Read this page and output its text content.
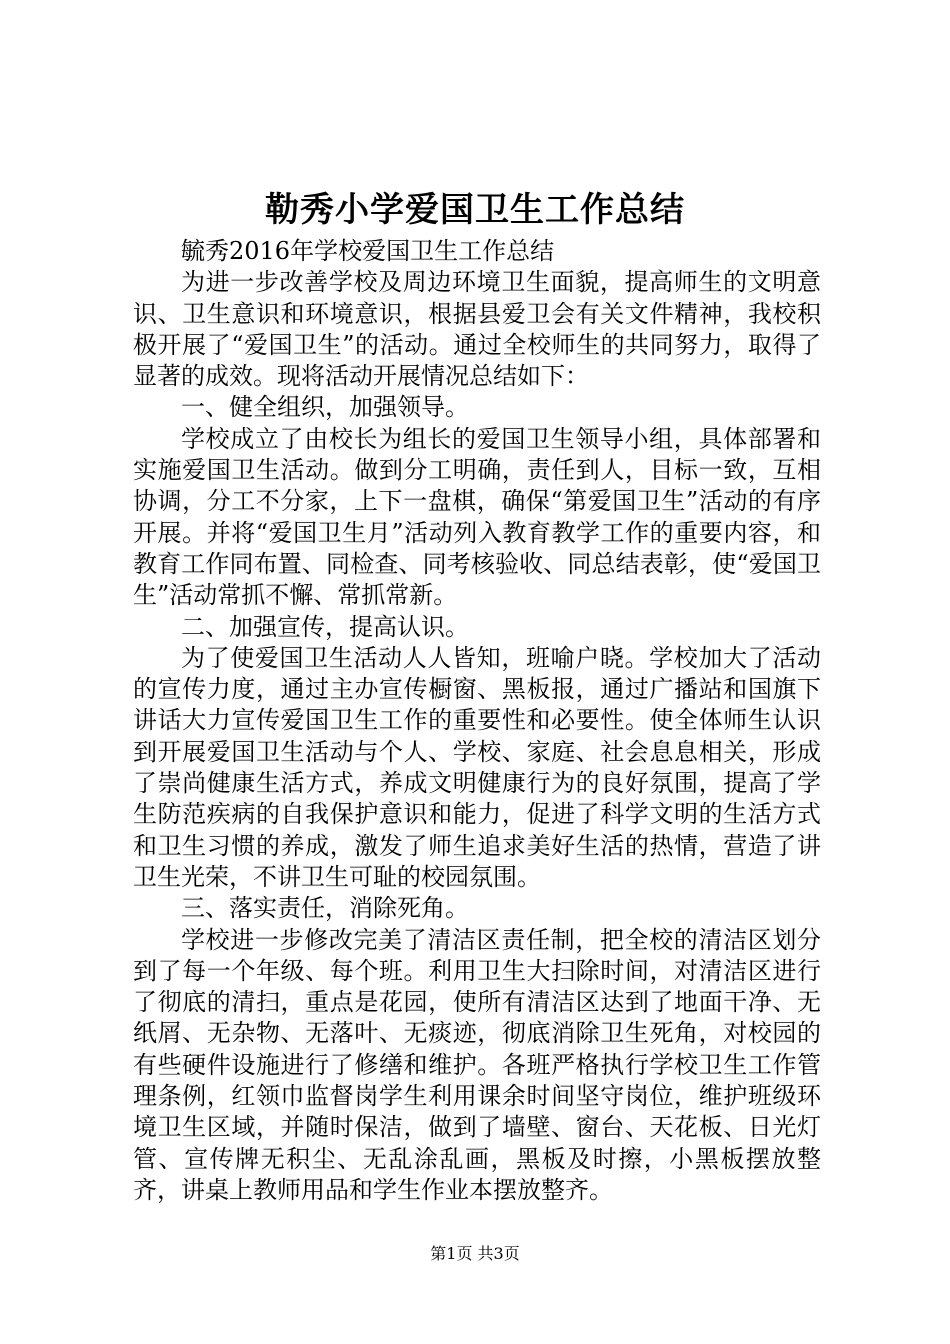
勒秀小学爱国卫生工作总结

毓秀2016年学校爱国卫生工作总结

为进一步改善学校及周边环境卫生面貌，提高师生的文明意识、卫生意识和环境意识，根据县爱卫会有关文件精神，我校积极开展了“爱国卫生”的活动。通过全校师生的共同努力，取得了显著的成效。现将活动开展情况总结如下：

一、健全组织，加强领导。

学校成立了由校长为组长的爱国卫生领导小组，具体部署和实施爱国卫生活动。做到分工明确，责任到人，目标一致，互相协调，分工不分家，上下一盘棋，确保“第爱国卫生”活动的有序开展。并将“爱国卫生月”活动列入教育教学工作的重要内容，和教育工作同布置、同检查、同考核验收、同总结表彰，使“爱国卫生”活动常抓不懈、常抓常新。

二、加强宣传，提高认识。

为了使爱国卫生活动人人皆知，班喻户晓。学校加大了活动的宣传力度，通过主办宣传橱窗、黑板报，通过广播站和国旗下讲话大力宣传爱国卫生工作的重要性和必要性。使全体师生认识到开展爱国卫生活动与个人、学校、家庭、社会息息相关，形成了崇尚健康生活方式，养成文明健康行为的良好氛围，提高了学生防范疾病的自我保护意识和能力，促进了科学文明的生活方式和卫生习惯的养成，激发了师生追求美好生活的热情，营造了讲卫生光荣，不讲卫生可耻的校园氛围。

三、落实责任，消除死角。

学校进一步修改完美了清洁区责任制，把全校的清洁区划分到了每一个年级、每个班。利用卫生大扫除时间，对清洁区进行了彻底的清扫，重点是花园，使所有清洁区达到了地面干净、无纸屑、无杂物、无落叶、无痰迹，彻底消除卫生死角，对校园的有些硬件设施进行了修缮和维护。各班严格执行学校卫生工作管理条例，红领巾监督岗学生利用课余时间坚守岗位，维护班级环境卫生区域，并随时保洁，做到了墙壁、窗台、天花板、日光灯管、宣传牌无积尘、无乱涂乱画，黑板及时擦，小黑板摆放整齐，讲桌上教师用品和学生作业本摆放整齐。

第1页 共3页
